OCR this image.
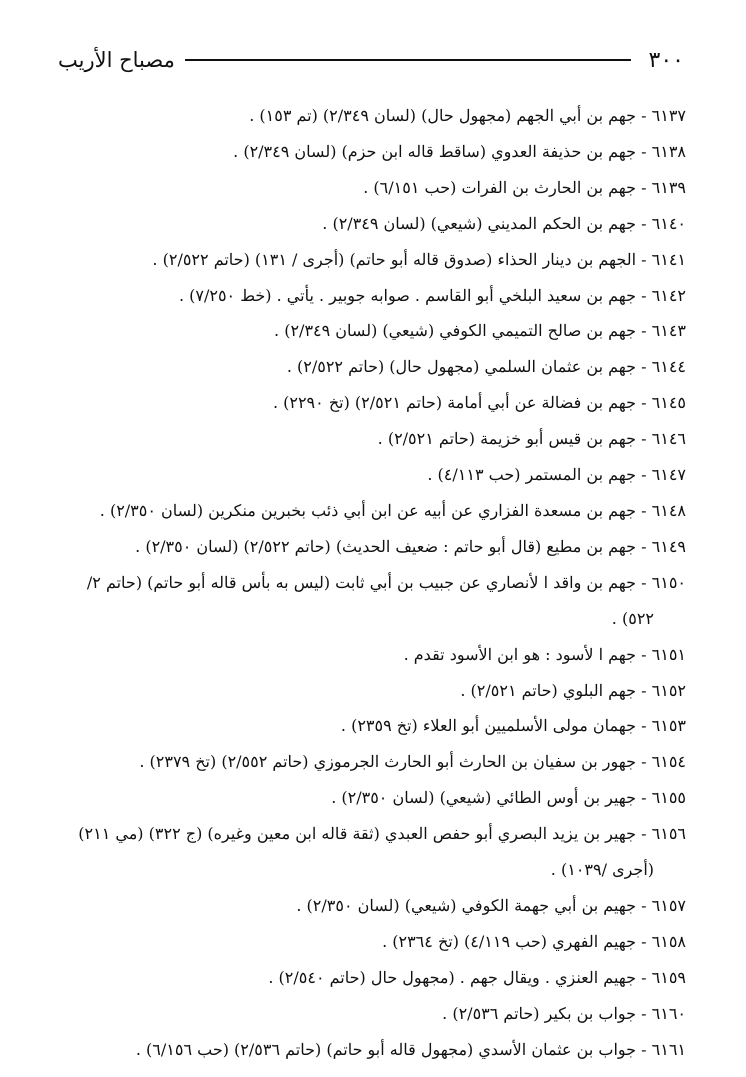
٣٠٠
مصباح الأريب
٦١٣٧ - جهم بن أبي الجهم (مجهول حال) (لسان ٢/٣٤٩) (تم ١٥٣) .
٦١٣٨ - جهم بن حذيفة العدوي (ساقط قاله ابن حزم) (لسان ٢/٣٤٩) .
٦١٣٩ - جهم بن الحارث بن الفرات (حب ٦/١٥١) .
٦١٤٠ - جهم بن الحكم المديني (شيعي) (لسان ٢/٣٤٩) .
٦١٤١ - الجهم بن دينار الحذاء (صدوق قاله أبو حاتم) (أجرى / ١٣١) (حاتم ٢/٥٢٢) .
٦١٤٢ - جهم بن سعيد البلخي أبو القاسم . صوابه جوبير . يأتي . (خط ٧/٢٥٠) .
٦١٤٣ - جهم بن صالح التميمي الكوفي (شيعي) (لسان ٢/٣٤٩) .
٦١٤٤ - جهم بن عثمان السلمي (مجهول حال) (حاتم ٢/٥٢٢) .
٦١٤٥ - جهم بن فضالة عن أبي أمامة (حاتم ٢/٥٢١) (تخ ٢٢٩٠) .
٦١٤٦ - جهم بن قيس أبو خزيمة (حاتم ٢/٥٢١) .
٦١٤٧ - جهم بن المستمر (حب ٤/١١٣) .
٦١٤٨ - جهم بن مسعدة الفزاري عن أبيه عن ابن أبي ذئب بخبرين منكرين (لسان ٢/٣٥٠) .
٦١٤٩ - جهم بن مطيع (قال أبو حاتم : ضعيف الحديث) (حاتم ٢/٥٢٢) (لسان ٢/٣٥٠) .
٦١٥٠ - جهم بن واقد ا لأنصاري عن جبيب بن أبي ثابت (ليس به بأس قاله أبو حاتم) (حاتم ٢/
٥٢٢) .
٦١٥١ - جهم ا لأسود : هو ابن الأسود تقدم .
٦١٥٢ - جهم البلوي (حاتم ٢/٥٢١) .
٦١٥٣ - جهمان مولى الأسلميين أبو العلاء (تخ ٢٣٥٩) .
٦١٥٤ - جهور بن سفيان بن الحارث أبو الحارث الجرموزي (حاتم ٢/٥٥٢) (تخ ٢٣٧٩) .
٦١٥٥ - جهير بن أوس الطائي (شيعي) (لسان ٢/٣٥٠) .
٦١٥٦ - جهير بن يزيد البصري أبو حفص العبدي (ثقة قاله ابن معين وغيره) (ج ٣٢٢) (مي ٢١١)
(أجرى /١٠٣٩) .
٦١٥٧ - جهيم بن أبي جهمة الكوفي (شيعي) (لسان ٢/٣٥٠) .
٦١٥٨ - جهيم الفهري (حب ٤/١١٩) (تخ ٢٣٦٤) .
٦١٥٩ - جهيم العنزي . ويقال جهم . (مجهول حال (حاتم ٢/٥٤٠) .
٦١٦٠ - جواب بن بكير (حاتم ٢/٥٣٦) .
٦١٦١ - جواب بن عثمان الأسدي (مجهول قاله أبو حاتم) (حاتم ٢/٥٣٦) (حب ٦/١٥٦) .
